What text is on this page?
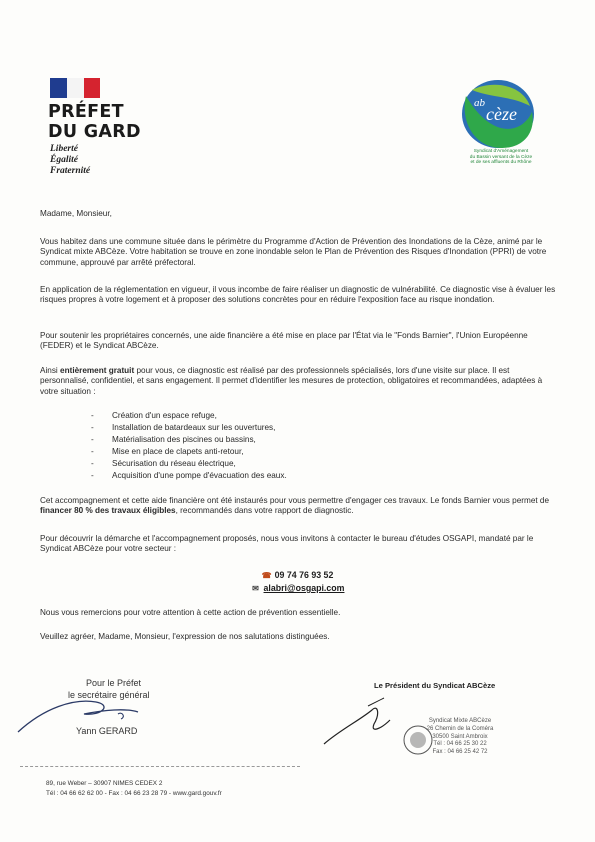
PRÉFET
DU GARD
Liberté
Égalité
Fraternité
ab
cèze
Syndicat d'Aménagement
du Bassin versant de la Cèze
et de ses affluents du Rhône
Madame, Monsieur,
Vous habitez dans une commune située dans le périmètre du Programme d'Action de Prévention des Inondations de la Cèze, animé par le Syndicat mixte ABCèze. Votre habitation se trouve en zone inondable selon le Plan de Prévention des Risques d'Inondation (PPRI) de votre commune, approuvé par arrêté préfectoral.
En application de la réglementation en vigueur, il vous incombe de faire réaliser un diagnostic de vulnérabilité. Ce diagnostic vise à évaluer les risques propres à votre logement et à proposer des solutions concrètes pour en réduire l'exposition face au risque inondation.
Pour soutenir les propriétaires concernés, une aide financière a été mise en place par l'État via le "Fonds Barnier", l'Union Européenne (FEDER) et le Syndicat ABCèze.
Ainsi entièrement gratuit pour vous, ce diagnostic est réalisé par des professionnels spécialisés, lors d'une visite sur place. Il est personnalisé, confidentiel, et sans engagement. Il permet d'identifier les mesures de protection, obligatoires et recommandées, adaptées à votre situation :
- Création d'un espace refuge,
- Installation de batardeaux sur les ouvertures,
- Matérialisation des piscines ou bassins,
- Mise en place de clapets anti-retour,
- Sécurisation du réseau électrique,
- Acquisition d'une pompe d'évacuation des eaux.
Cet accompagnement et cette aide financière ont été instaurés pour vous permettre d'engager ces travaux. Le fonds Barnier vous permet de financer 80 % des travaux éligibles, recommandés dans votre rapport de diagnostic.
Pour découvrir la démarche et l'accompagnement proposés, nous vous invitons à contacter le bureau d'études OSGAPI, mandaté par le Syndicat ABCèze pour votre secteur :
☎ 09 74 76 93 52
✉ alabri@osgapi.com
Nous vous remercions pour votre attention à cette action de prévention essentielle.
Veuillez agréer, Madame, Monsieur, l'expression de nos salutations distinguées.
Pour le Préfet
le secrétaire général
Yann GERARD
Le Président du Syndicat ABCèze
Syndicat Mixte ABCèze
26 Chemin de la Coméra
30500 Saint Ambroix
Tél : 04 66 25 30 22
Fax : 04 66 25 42 72
89, rue Weber – 30907 NIMES CEDEX 2
Tél : 04 66 62 62 00 - Fax : 04 66 23 28 79 - www.gard.gouv.fr
